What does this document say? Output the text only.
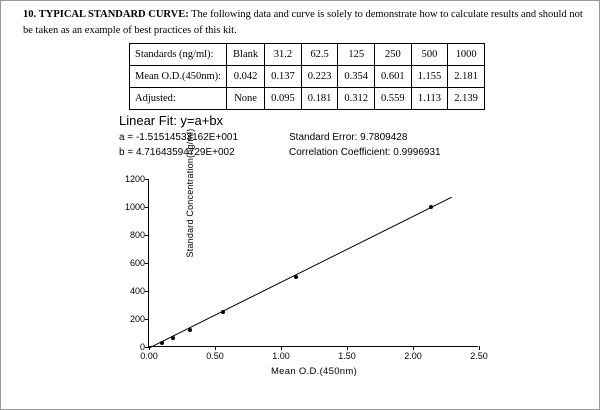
10. TYPICAL STANDARD CURVE: The following data and curve is solely to demonstrate how to calculate results and should not be taken as an example of best practices of this kit.
Standards (ng/ml):	Blank	31.2	62.5	125	250	500	1000
Mean O.D.(450nm):	0.042	0.137	0.223	0.354	0.601	1.155	2.181
Adjusted:	None	0.095	0.181	0.312	0.559	1.113	2.139
Linear Fit: y=a+bx
a = -1.51514533162E+001	Standard Error: 9.7809428
b = 4.71643594729E+002	Correlation Coefficient: 0.9996931
Standard Concentration(ng/ml)
Mean O.D.(450nm)
0
200
400
600
800
1000
1200
0.00	0.50	1.00	1.50	2.00	2.50
